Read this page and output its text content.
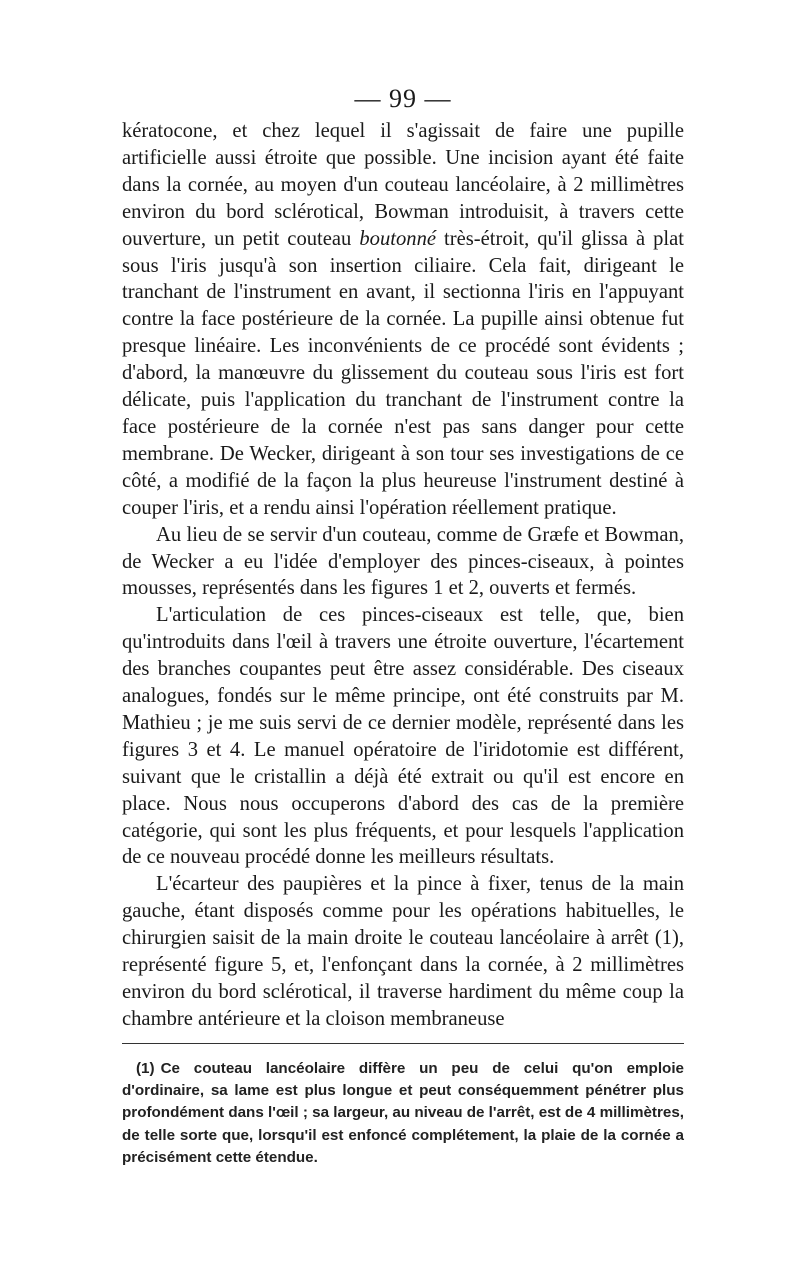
— 99 —

kératocone, et chez lequel il s'agissait de faire une pupille artificielle aussi étroite que possible. Une incision ayant été faite dans la cornée, au moyen d'un couteau lancéolaire, à 2 millimètres environ du bord sclérotical, Bowman introduisit, à travers cette ouverture, un petit couteau boutonné très-étroit, qu'il glissa à plat sous l'iris jusqu'à son insertion ciliaire. Cela fait, dirigeant le tranchant de l'instrument en avant, il sectionna l'iris en l'appuyant contre la face postérieure de la cornée. La pupille ainsi obtenue fut presque linéaire. Les inconvénients de ce procédé sont évidents ; d'abord, la manœuvre du glissement du couteau sous l'iris est fort délicate, puis l'application du tranchant de l'instrument contre la face postérieure de la cornée n'est pas sans danger pour cette membrane. De Wecker, dirigeant à son tour ses investigations de ce côté, a modifié de la façon la plus heureuse l'instrument destiné à couper l'iris, et a rendu ainsi l'opération réellement pratique.

Au lieu de se servir d'un couteau, comme de Græfe et Bowman, de Wecker a eu l'idée d'employer des pinces-ciseaux, à pointes mousses, représentés dans les figures 1 et 2, ouverts et fermés.

L'articulation de ces pinces-ciseaux est telle, que, bien qu'introduits dans l'œil à travers une étroite ouverture, l'écartement des branches coupantes peut être assez considérable. Des ciseaux analogues, fondés sur le même principe, ont été construits par M. Mathieu ; je me suis servi de ce dernier modèle, représenté dans les figures 3 et 4. Le manuel opératoire de l'iridotomie est différent, suivant que le cristallin a déjà été extrait ou qu'il est encore en place. Nous nous occuperons d'abord des cas de la première catégorie, qui sont les plus fréquents, et pour lesquels l'application de ce nouveau procédé donne les meilleurs résultats.

L'écarteur des paupières et la pince à fixer, tenus de la main gauche, étant disposés comme pour les opérations habituelles, le chirurgien saisit de la main droite le couteau lancéolaire à arrêt (1), représenté figure 5, et, l'enfonçant dans la cornée, à 2 millimètres environ du bord sclérotical, il traverse hardiment du même coup la chambre antérieure et la cloison membraneuse

(1) Ce couteau lancéolaire diffère un peu de celui qu'on emploie d'ordinaire, sa lame est plus longue et peut conséquemment pénétrer plus profondément dans l'œil ; sa largeur, au niveau de l'arrêt, est de 4 millimètres, de telle sorte que, lorsqu'il est enfoncé complétement, la plaie de la cornée a précisément cette étendue.
